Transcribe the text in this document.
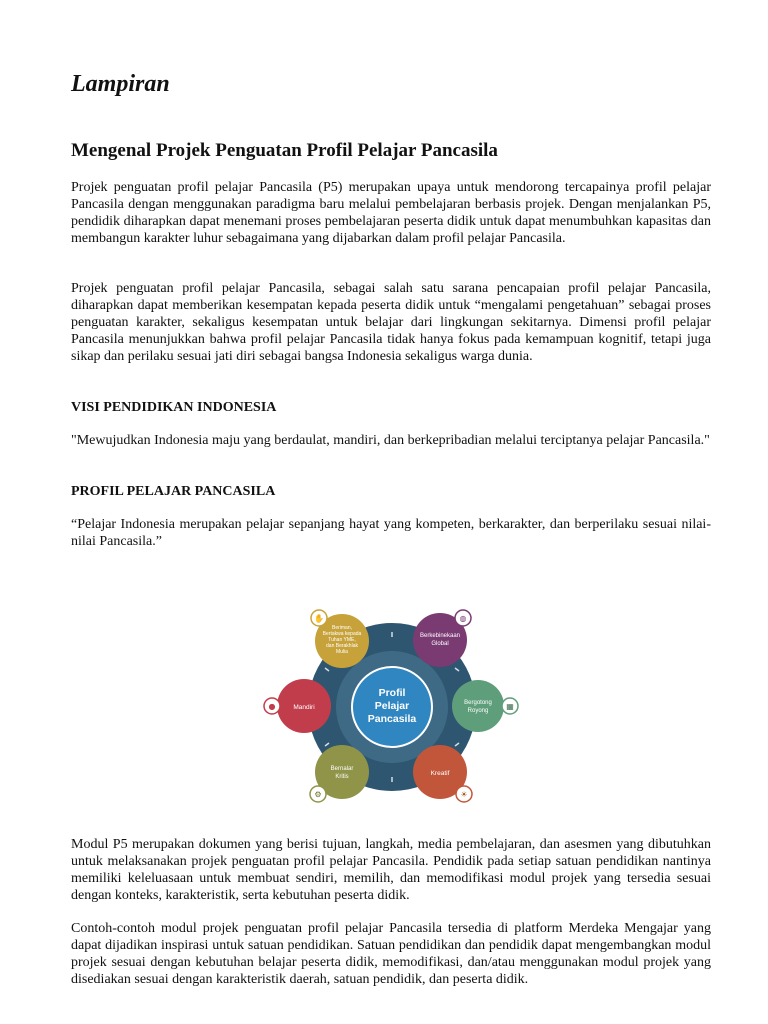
Lampiran
Mengenal Projek Penguatan Profil Pelajar Pancasila

Projek penguatan profil pelajar Pancasila (P5) merupakan upaya untuk mendorong tercapainya profil pelajar Pancasila dengan menggunakan paradigma baru melalui pembelajaran berbasis projek. Dengan menjalankan P5, pendidik diharapkan dapat menemani proses pembelajaran peserta didik untuk dapat menumbuhkan kapasitas dan membangun karakter luhur sebagaimana yang dijabarkan dalam profil pelajar Pancasila.

Projek penguatan profil pelajar Pancasila, sebagai salah satu sarana pencapaian profil pelajar Pancasila, diharapkan dapat memberikan kesempatan kepada peserta didik untuk “mengalami pengetahuan” sebagai proses penguatan karakter, sekaligus kesempatan untuk belajar dari lingkungan sekitarnya. Dimensi profil pelajar Pancasila menunjukkan bahwa profil pelajar Pancasila tidak hanya fokus pada kemampuan kognitif, tetapi juga sikap dan perilaku sesuai jati diri sebagai bangsa Indonesia sekaligus warga dunia.

VISI PENDIDIKAN INDONESIA

"Mewujudkan Indonesia maju yang berdaulat, mandiri, dan berkepribadian melalui terciptanya pelajar Pancasila."

PROFIL PELAJAR PANCASILA

“Pelajar Indonesia merupakan pelajar sepanjang hayat yang kompeten, berkarakter, dan berperilaku sesuai nilai-nilai Pancasila.”

Modul P5 merupakan dokumen yang berisi tujuan, langkah, media pembelajaran, dan asesmen yang dibutuhkan untuk melaksanakan projek penguatan profil pelajar Pancasila. Pendidik pada setiap satuan pendidikan nantinya memiliki keleluasaan untuk membuat sendiri, memilih, dan memodifikasi modul projek yang tersedia sesuai dengan konteks, karakteristik, serta kebutuhan peserta didik.

Contoh-contoh modul projek penguatan profil pelajar Pancasila tersedia di platform Merdeka Mengajar yang dapat dijadikan inspirasi untuk satuan pendidikan. Satuan pendidikan dan pendidik dapat mengembangkan modul projek sesuai dengan kebutuhan belajar peserta didik, memodifikasi, dan/atau menggunakan modul projek yang disediakan sesuai dengan karakteristik daerah, satuan pendidik, dan peserta didik.

Profil
Pelajar
Pancasila
✋
Beriman,
Bertakwa kepada
Tuhan YME,
dan Berakhlak
Mulia
◍
Berkebinekaan
Global
▦
Bergotong
Royong
☀
Kreatif
⚙
Bernalar
Kritis
●	Mandiri
